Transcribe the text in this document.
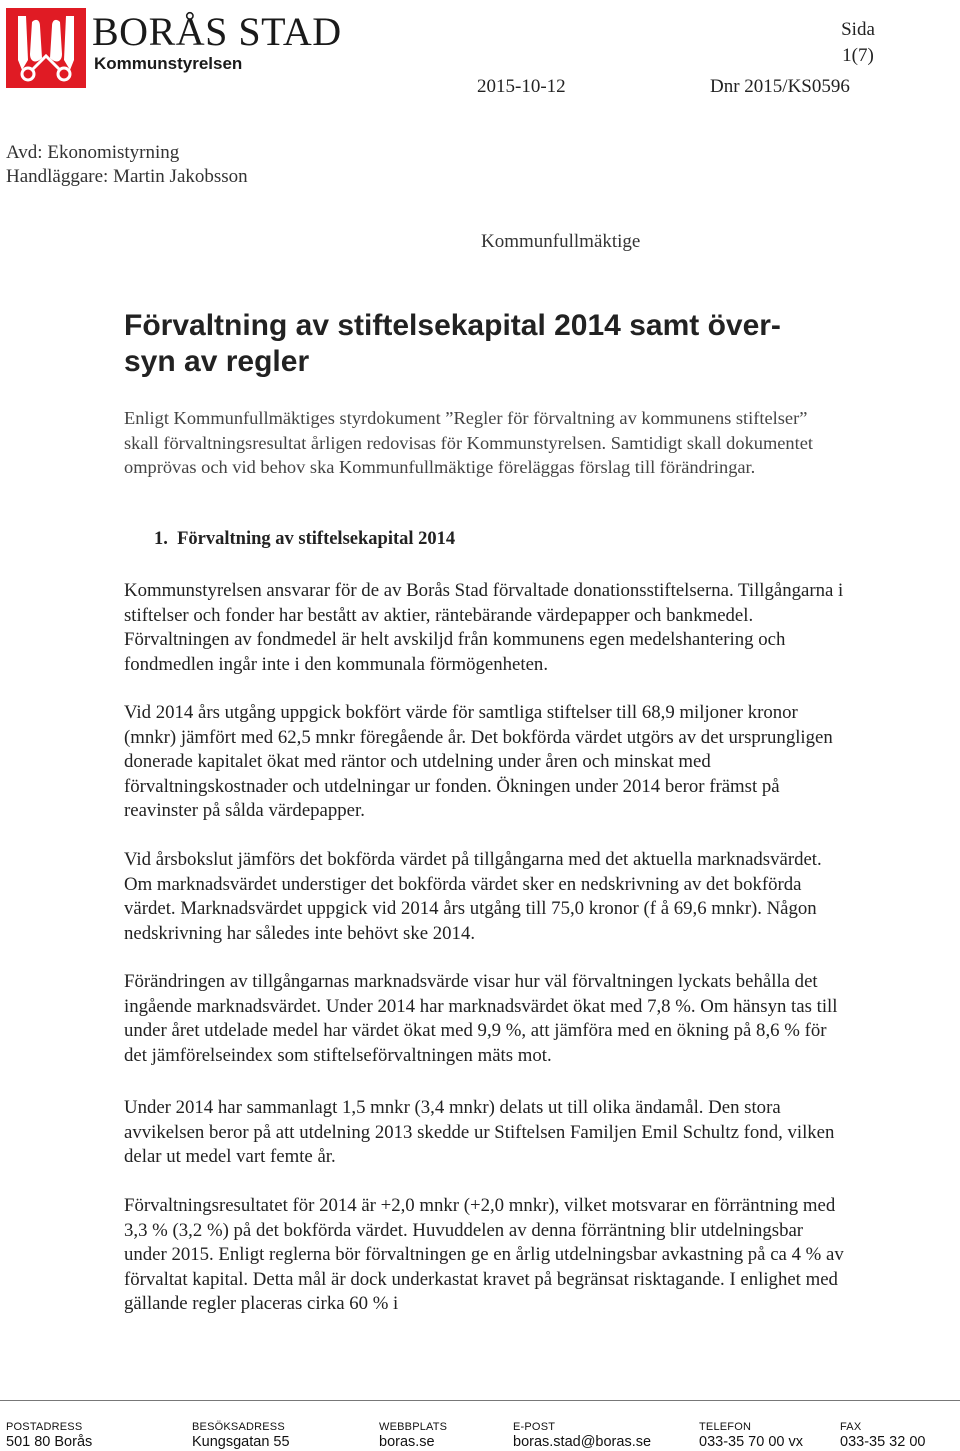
BORÅS STAD
Kommunstyrelsen
Sida
1(7)
2015-10-12	Dnr 2015/KS0596
Avd: Ekonomistyrning
Handläggare: Martin Jakobsson
Kommunfullmäktige
Förvaltning av stiftelsekapital 2014 samt över-
syn av regler

Enligt Kommunfullmäktiges styrdokument ”Regler för förvaltning av kommunens stiftelser” skall förvaltningsresultat årligen redovisas för Kommunstyrelsen. Samtidigt skall dokumentet omprövas och vid behov ska Kommunfullmäktige föreläggas förslag till förändringar.

1. Förvaltning av stiftelsekapital 2014

Kommunstyrelsen ansvarar för de av Borås Stad förvaltade donationsstiftelserna. Tillgångarna i stiftelser och fonder har bestått av aktier, räntebärande värdepapper och bankmedel. Förvaltningen av fondmedel är helt avskiljd från kommunens egen medelshantering och fondmedlen ingår inte i den kommunala förmögenheten.

Vid 2014 års utgång uppgick bokfört värde för samtliga stiftelser till 68,9 miljoner kronor (mnkr) jämfört med 62,5 mnkr föregående år. Det bokförda värdet utgörs av det ursprungligen donerade kapitalet ökat med räntor och utdelning under åren och minskat med förvaltningskostnader och utdelningar ur fonden. Ökningen under 2014 beror främst på reavinster på sålda värdepapper.

Vid årsbokslut jämförs det bokförda värdet på tillgångarna med det aktuella marknadsvärdet. Om marknadsvärdet understiger det bokförda värdet sker en nedskrivning av det bokförda värdet. Marknadsvärdet uppgick vid 2014 års utgång till 75,0 kronor (f å 69,6 mnkr). Någon nedskrivning har således inte behövt ske 2014.

Förändringen av tillgångarnas marknadsvärde visar hur väl förvaltningen lyckats behålla det ingående marknadsvärdet. Under 2014 har marknadsvärdet ökat med 7,8 %. Om hänsyn tas till under året utdelade medel har värdet ökat med 9,9 %, att jämföra med en ökning på 8,6 % för det jämförelseindex som stiftelseförvaltningen mäts mot.

Under 2014 har sammanlagt 1,5 mnkr (3,4 mnkr) delats ut till olika ändamål. Den stora avvikelsen beror på att utdelning 2013 skedde ur Stiftelsen Familjen Emil Schultz fond, vilken delar ut medel vart femte år.

Förvaltningsresultatet för 2014 är +2,0 mnkr (+2,0 mnkr), vilket motsvarar en förräntning med 3,3 % (3,2 %) på det bokförda värdet. Huvuddelen av denna förräntning blir utdelningsbar under 2015. Enligt reglerna bör förvaltningen ge en årlig utdelningsbar avkastning på ca 4 % av förvaltat kapital. Detta mål är dock underkastat kravet på begränsat risktagande. I enlighet med gällande regler placeras cirka 60 % i

POSTADRESS
501 80 Borås
BESÖKSADRESS
Kungsgatan 55
WEBBPLATS
boras.se
E-POST
boras.stad@boras.se
TELEFON
033-35 70 00 vx
FAX
033-35 32 00
